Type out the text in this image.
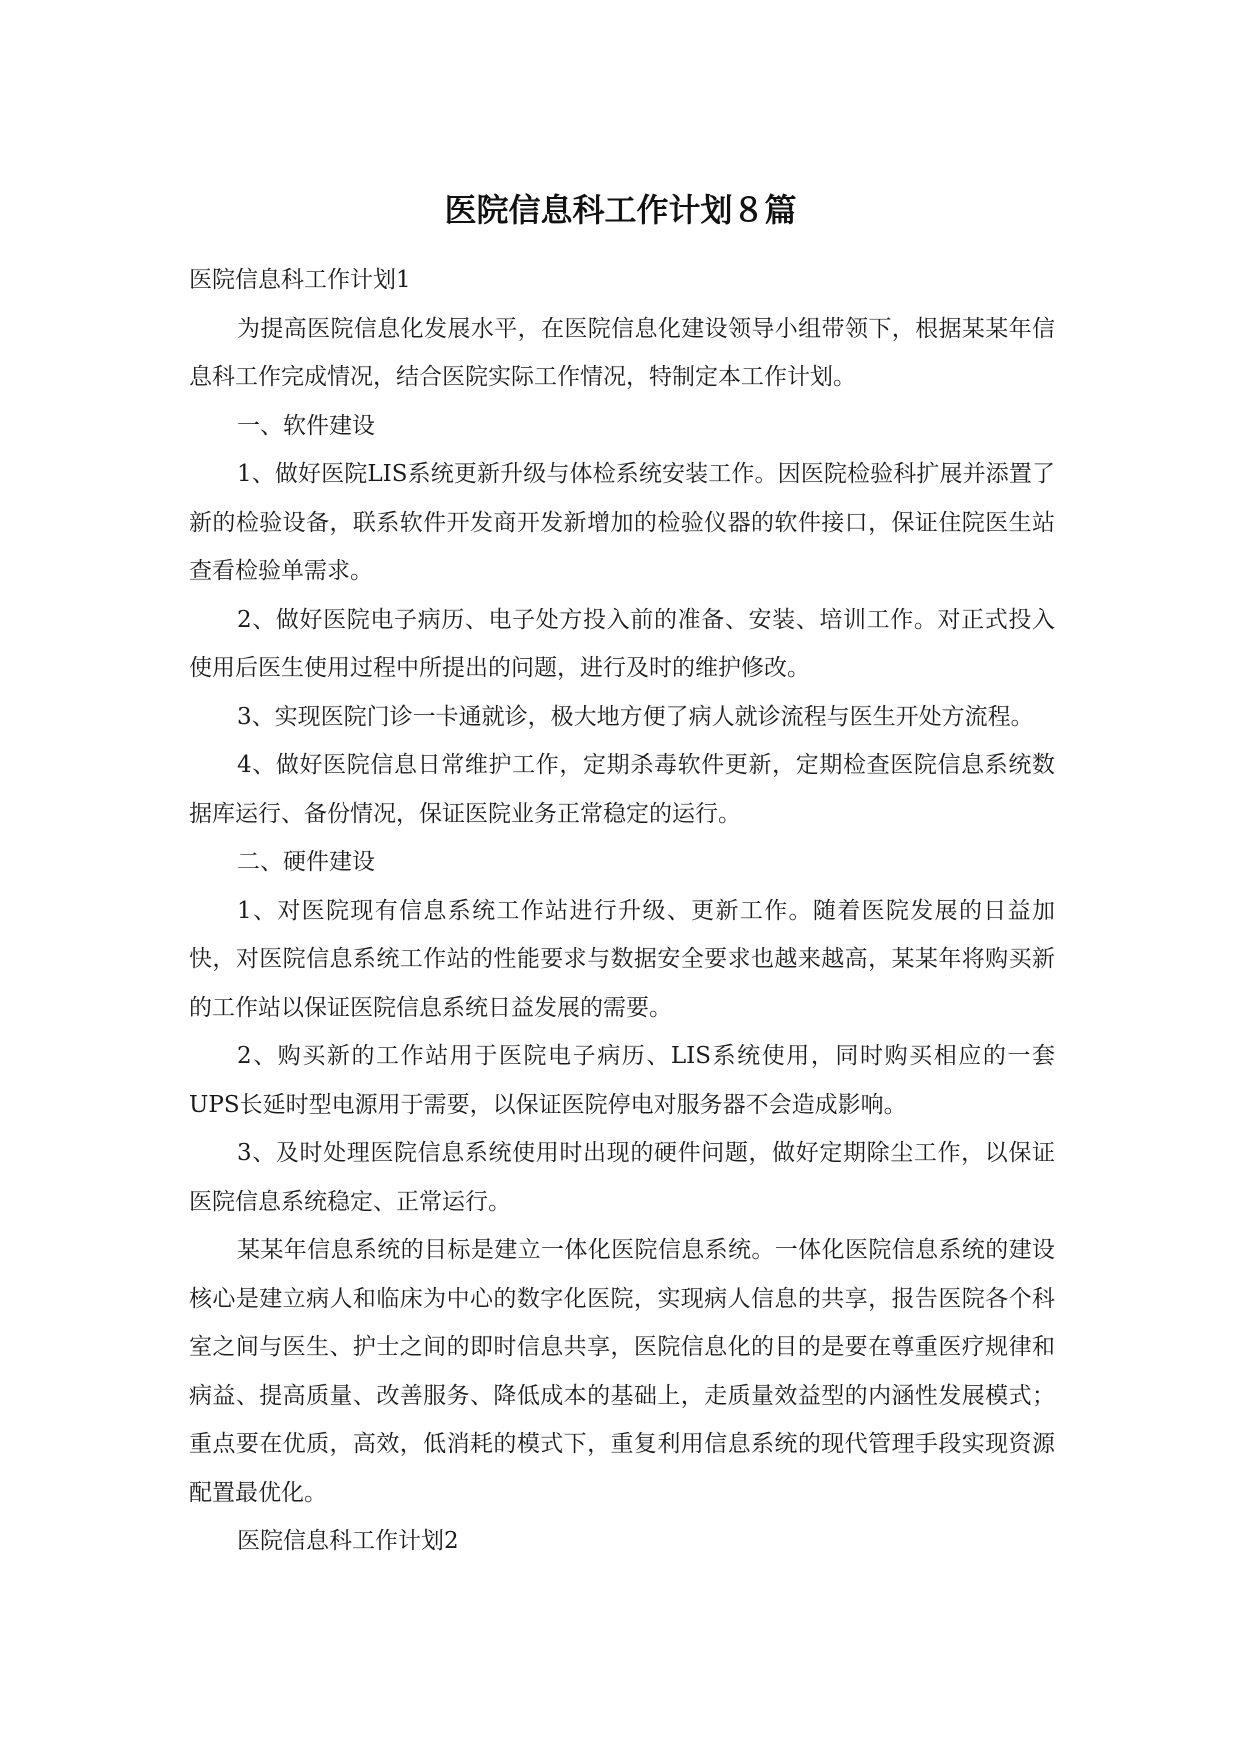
医院信息科工作计划８篇

医院信息科工作计划1

为提高医院信息化发展水平，在医院信息化建设领导小组带领下，根据某某年信息科工作完成情况，结合医院实际工作情况，特制定本工作计划。

一、软件建设

1、做好医院LIS系统更新升级与体检系统安装工作。因医院检验科扩展并添置了新的检验设备，联系软件开发商开发新增加的检验仪器的软件接口，保证住院医生站查看检验单需求。

2、做好医院电子病历、电子处方投入前的准备、安装、培训工作。对正式投入使用后医生使用过程中所提出的问题，进行及时的维护修改。

3、实现医院门诊一卡通就诊，极大地方便了病人就诊流程与医生开处方流程。

4、做好医院信息日常维护工作，定期杀毒软件更新，定期检查医院信息系统数据库运行、备份情况，保证医院业务正常稳定的运行。

二、硬件建设

1、对医院现有信息系统工作站进行升级、更新工作。随着医院发展的日益加快，对医院信息系统工作站的性能要求与数据安全要求也越来越高，某某年将购买新的工作站以保证医院信息系统日益发展的需要。

2、购买新的工作站用于医院电子病历、LIS系统使用，同时购买相应的一套UPS长延时型电源用于需要，以保证医院停电对服务器不会造成影响。

3、及时处理医院信息系统使用时出现的硬件问题，做好定期除尘工作，以保证医院信息系统稳定、正常运行。

某某年信息系统的目标是建立一体化医院信息系统。一体化医院信息系统的建设核心是建立病人和临床为中心的数字化医院，实现病人信息的共享，报告医院各个科室之间与医生、护士之间的即时信息共享，医院信息化的目的是要在尊重医疗规律和病益、提高质量、改善服务、降低成本的基础上，走质量效益型的内涵性发展模式；重点要在优质，高效，低消耗的模式下，重复利用信息系统的现代管理手段实现资源配置最优化。

医院信息科工作计划2
